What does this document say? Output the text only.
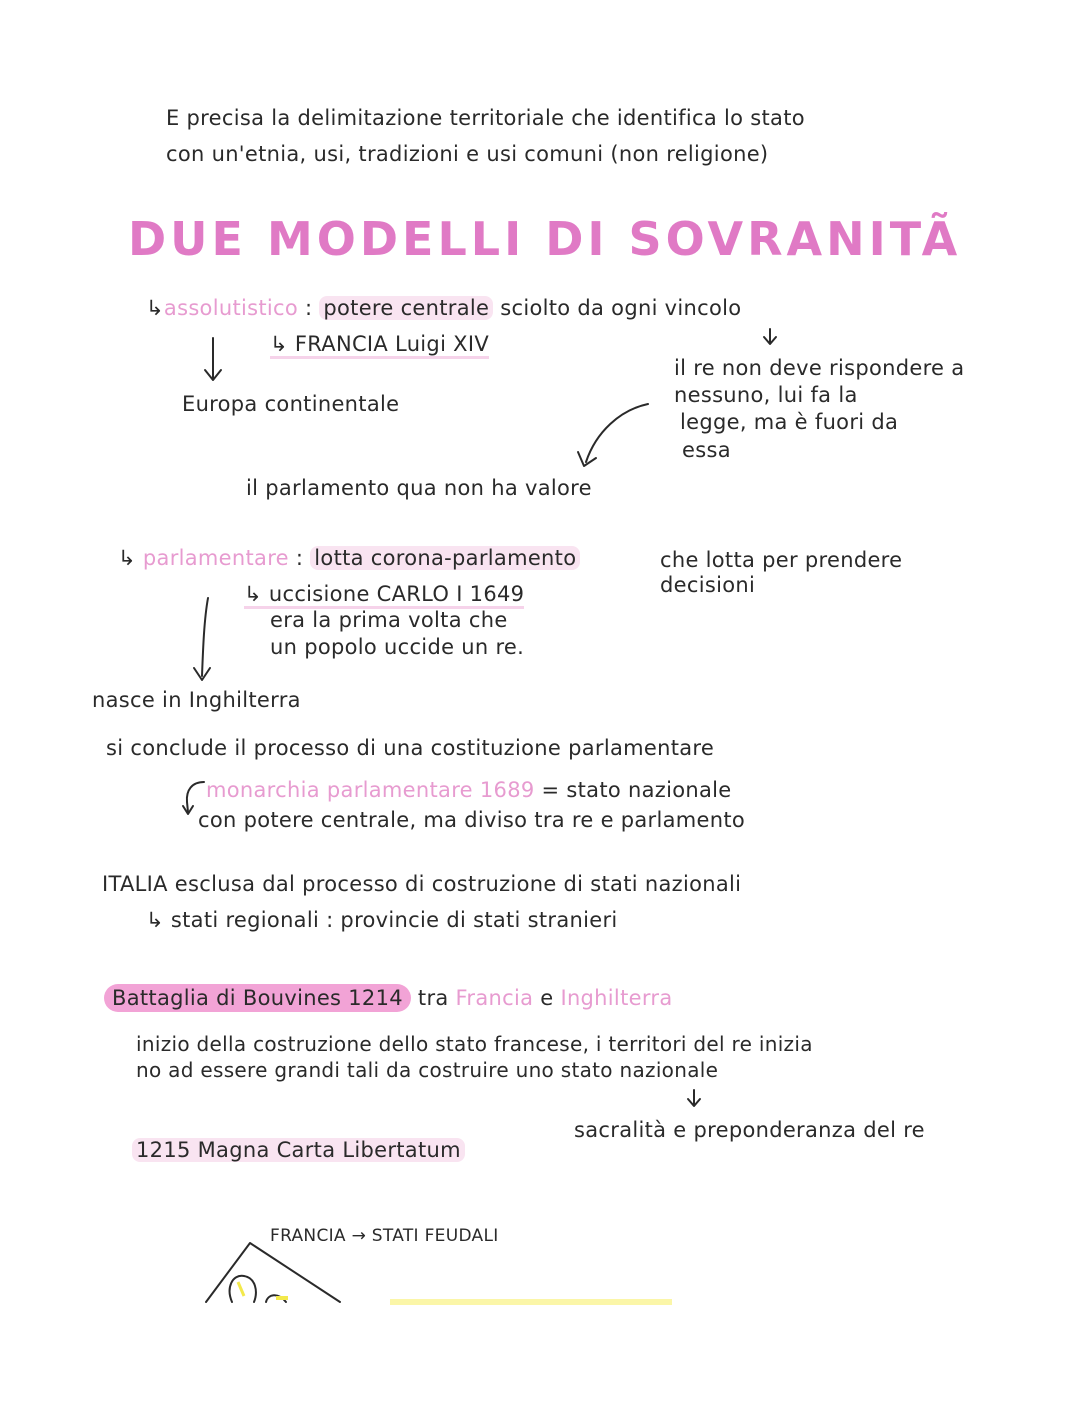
E precisa la delimitazione territoriale che identifica lo stato
con un'etnia, usi, tradizioni e usi comuni (non religione)
DUE MODELLI DI SOVRANITÃ
↳assolutistico : potere centrale sciolto da ogni vincolo
↳ FRANCIA Luigi XIV
Europa continentale
il re non deve rispondere a
nessuno, lui fa la
legge, ma è fuori da
essa
il parlamento qua non ha valore
↳ parlamentare : lotta corona-parlamento	che lotta per prendere
decisioni
↳ uccisione CARLO I 1649
era la prima volta che
un popolo uccide un re.
nasce in Inghilterra
si conclude il processo di una costituzione parlamentare
monarchia parlamentare 1689 = stato nazionale
con potere centrale, ma diviso tra re e parlamento
ITALIA esclusa dal processo di costruzione di stati nazionali
↳ stati regionali : provincie di stati stranieri
Battaglia di Bouvines 1214 tra Francia e Inghilterra
inizio della costruzione dello stato francese, i territori del re inizia
no ad essere grandi tali da costruire uno stato nazionale
sacralità e preponderanza del re
1215 Magna Carta Libertatum
FRANCIA → STATI FEUDALI
